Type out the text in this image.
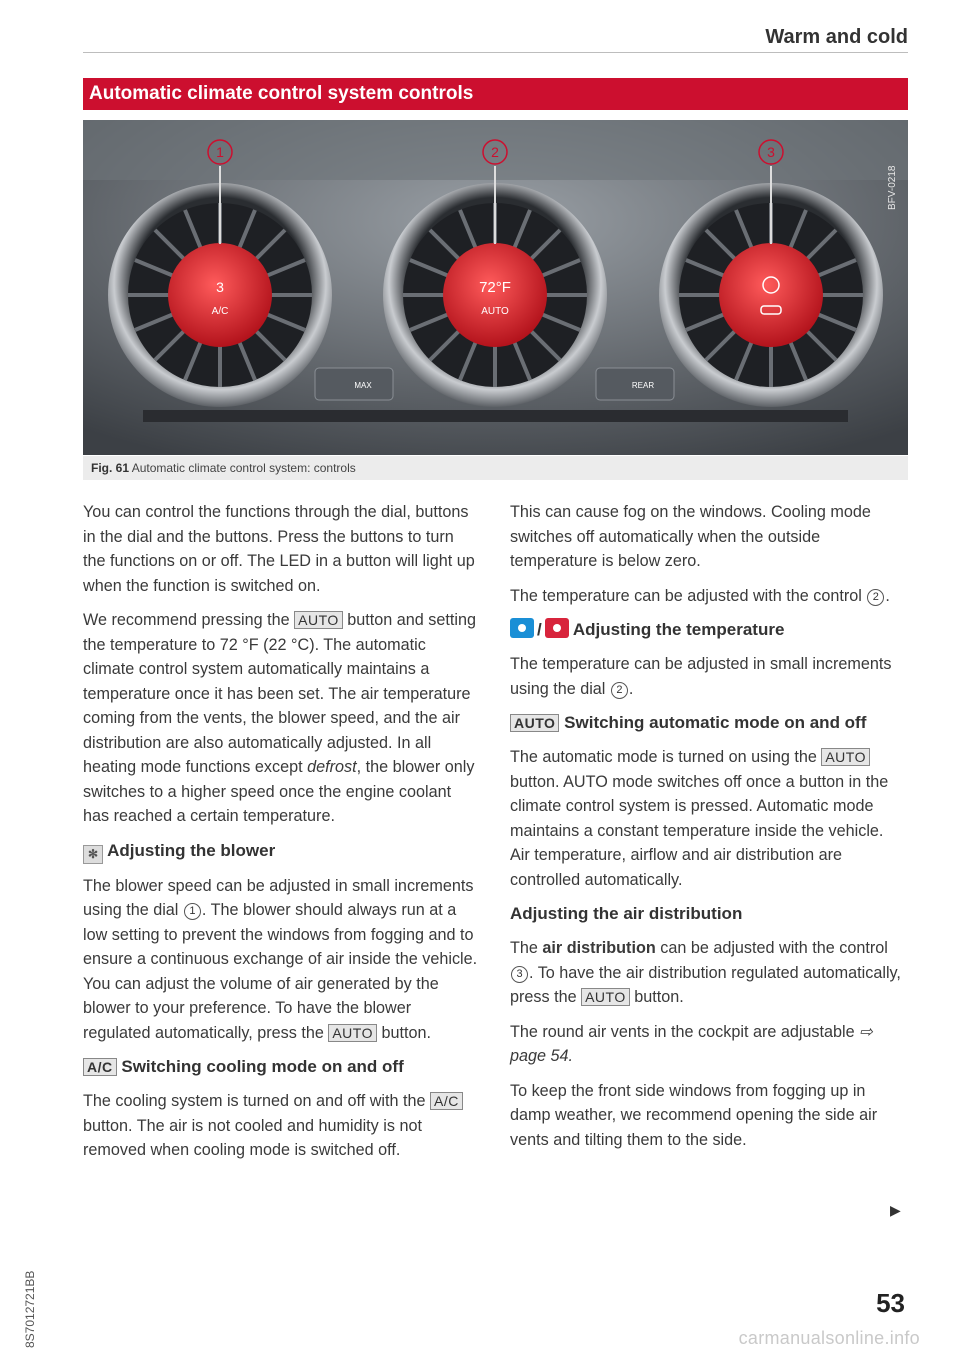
Warm and cold
Automatic climate control system controls
BFV-0218
3
A/C
72°F
AUTO
MAX	REAR
1	2	3
Fig. 61 Automatic climate control system: controls

You can control the functions through the dial, buttons in the dial and the buttons. Press the buttons to turn the functions on or off. The LED in a button will light up when the function is switched on.

We recommend pressing the AUTO button and setting the temperature to 72 °F (22 °C). The automatic climate control system automatically maintains a temperature once it has been set. The air temperature coming from the vents, the blower speed, and the air distribution are also automatically adjusted. In all heating mode functions except defrost, the blower only switches to a higher speed once the engine coolant has reached a certain temperature.

✻ Adjusting the blower

The blower speed can be adjusted in small increments using the dial 1 . The blower should always run at a low setting to prevent the windows from fogging and to ensure a continuous exchange of air inside the vehicle. You can adjust the volume of air generated by the blower to your preference. To have the blower regulated automatically, press the AUTO button.

A/C Switching cooling mode on and off

The cooling system is turned on and off with the A/C button. The air is not cooled and humidity is not removed when cooling mode is switched off.

This can cause fog on the windows. Cooling mode switches off automatically when the outside temperature is below zero.

The temperature can be adjusted with the control 2 .

/ Adjusting the temperature

The temperature can be adjusted in small increments using the dial 2 .

AUTO Switching automatic mode on and off

The automatic mode is turned on using the AUTO button. AUTO mode switches off once a button in the climate control system is pressed. Automatic mode maintains a constant temperature inside the vehicle. Air temperature, airflow and air distribution are controlled automatically.

Adjusting the air distribution

The air distribution can be adjusted with the control 3 . To have the air distribution regulated automatically, press the AUTO button.

The round air vents in the cockpit are adjustable ⇨ page 54.

To keep the front side windows from fogging up in damp weather, we recommend opening the side air vents and tilting them to the side.

▶
8S7012721BB	53
carmanualsonline.info
